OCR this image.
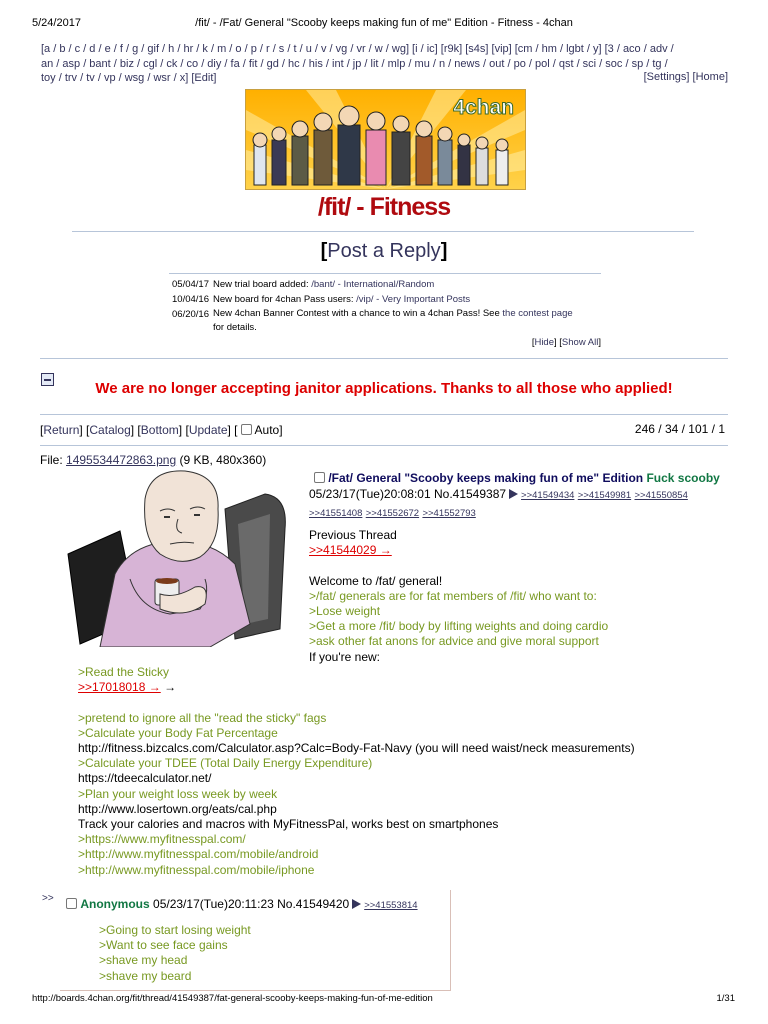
5/24/2017	/fit/ - /Fat/ General "Scooby keeps making fun of me" Edition - Fitness - 4chan
[a / b / c / d / e / f / g / gif / h / hr / k / m / o / p / r / s / t / u / v / vg / vr / w / wg] [i / ic] [r9k] [s4s] [vip] [cm / hm / lgbt / y] [3 / aco / adv /
an / asp / bant / biz / cgl / ck / co / diy / fa / fit / gd / hc / his / int / jp / lit / mlp / mu / n / news / out / po / pol / qst / sci / soc / sp / tg /
toy / trv / tv / vp / wsg / wsr / x] [Edit]	[Settings] [Home]
4chan
/fit/ - Fitness
[Post a Reply]
05/04/17 New trial board added: /bant/ - International/Random
10/04/16 New board for 4chan Pass users: /vip/ - Very Important Posts
06/20/16 New 4chan Banner Contest with a chance to win a 4chan Pass! See the contest page
for details.
[Hide] [Show All]
We are no longer accepting janitor applications. Thanks to all those who applied!
[Return] [Catalog] [Bottom] [Update] [  Auto]	246 / 34 / 101 / 1
File: 1495534472863.png (9 KB, 480x360)
/Fat/ General "Scooby keeps making fun of me" Edition Fuck scooby
05/23/17(Tue)20:08:01 No.41549387 >>41549434 >>41549981 >>41550854
>>41551408 >>41552672 >>41552793
Previous Thread
>>41544029 →

Welcome to /fat/ general!
>/fat/ generals are for fat members of /fit/ who want to:
>Lose weight
>Get a more /fit/ body by lifting weights and doing cardio
>ask other fat anons for advice and give moral support
If you're new:
>Read the Sticky
>>17018018 → →

>pretend to ignore all the "read the sticky" fags
>Calculate your Body Fat Percentage
http://fitness.bizcalcs.com/Calculator.asp?Calc=Body-Fat-Navy (you will need waist/neck measurements)
>Calculate your TDEE (Total Daily Energy Expenditure)
https://tdeecalculator.net/
>Plan your weight loss week by week
http://www.losertown.org/eats/cal.php
Track your calories and macros with MyFitnessPal, works best on smartphones
>https://www.myfitnesspal.com/
>http://www.myfitnesspal.com/mobile/android
>http://www.myfitnesspal.com/mobile/iphone
>>	Anonymous 05/23/17(Tue)20:11:23 No.41549420 >>41553814
>Going to start losing weight
>Want to see face gains
>shave my head
>shave my beard
http://boards.4chan.org/fit/thread/41549387/fat-general-scooby-keeps-making-fun-of-me-edition	1/31
